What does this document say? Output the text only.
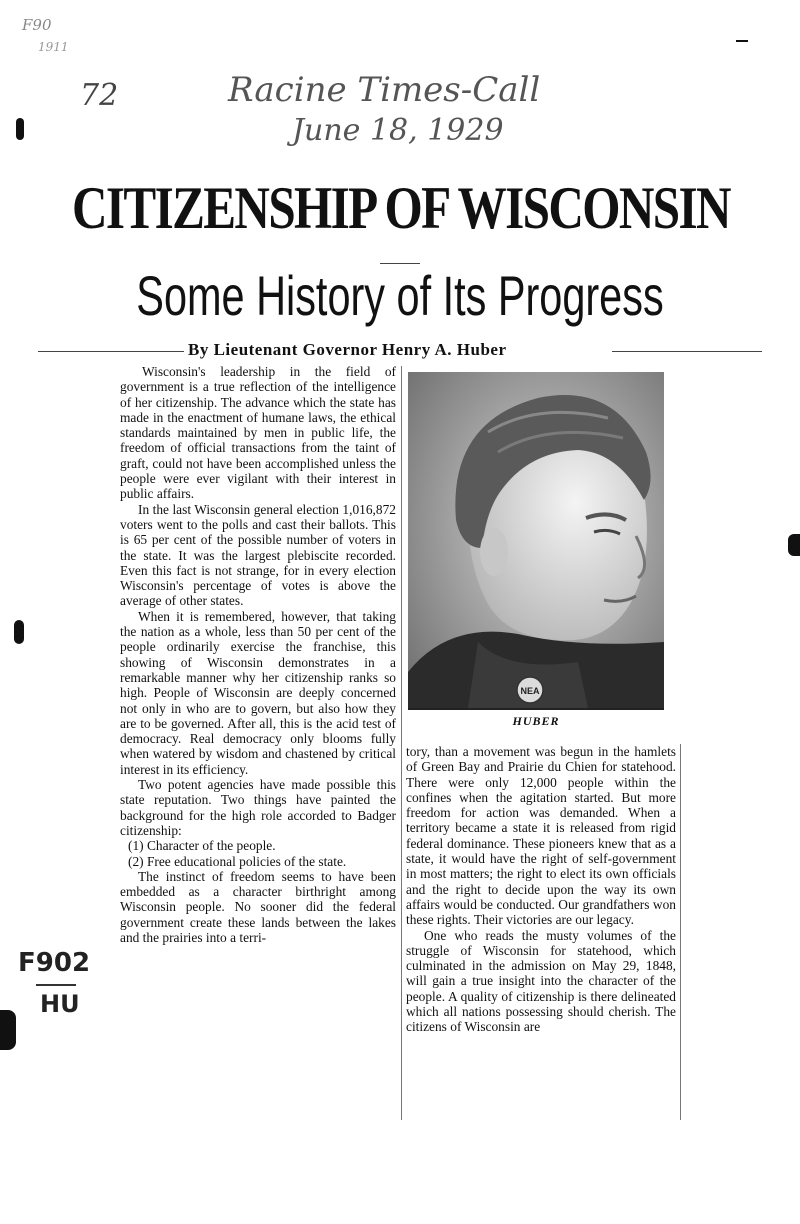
F90
1911
72	Racine Times-Call
June 18, 1929
F902
HU
CITIZENSHIP OF WISCONSIN
Some History of Its Progress
By Lieutenant Governor Henry A. Huber

Wisconsin's leadership in the field of government is a true reflection of the intelligence of her citizenship. The advance which the state has made in the enactment of humane laws, the ethical standards maintained by men in public life, the freedom of official transactions from the taint of graft, could not have been accomplished unless the people were ever vigilant with their interest in public affairs.

In the last Wisconsin general election 1,016,872 voters went to the polls and cast their ballots. This is 65 per cent of the possible number of voters in the state. It was the largest plebiscite recorded. Even this fact is not strange, for in every election Wisconsin's percentage of votes is above the average of other states.

When it is remembered, however, that taking the nation as a whole, less than 50 per cent of the people ordinarily exercise the franchise, this showing of Wisconsin demonstrates in a remarkable manner why her citizenship ranks so high. People of Wisconsin are deeply concerned not only in who are to govern, but also how they are to be governed. After all, this is the acid test of democracy. Real democracy only blooms fully when watered by wisdom and chastened by critical interest in its efficiency.

Two potent agencies have made possible this state reputation. Two things have painted the background for the high role accorded to Badger citizenship:

(1) Character of the people.

(2) Free educational policies of the state.

The instinct of freedom seems to have been embedded as a character birthright among Wisconsin people. No sooner did the federal government create these lands between the lakes and the prairies into a terri-

NEA
HUBER

tory, than a movement was begun in the hamlets of Green Bay and Prairie du Chien for statehood. There were only 12,000 people within the confines when the agitation started. But more freedom for action was demanded. When a territory became a state it is released from rigid federal dominance. These pioneers knew that as a state, it would have the right of self-government in most matters; the right to elect its own officials and the right to decide upon the way its own affairs would be conducted. Our grandfathers won these rights. Their victories are our legacy.

One who reads the musty volumes of the struggle of Wisconsin for statehood, which culminated in the admission on May 29, 1848, will gain a true insight into the character of the people. A quality of citizenship is there delineated which all nations possessing should cherish. The citizens of Wisconsin are
